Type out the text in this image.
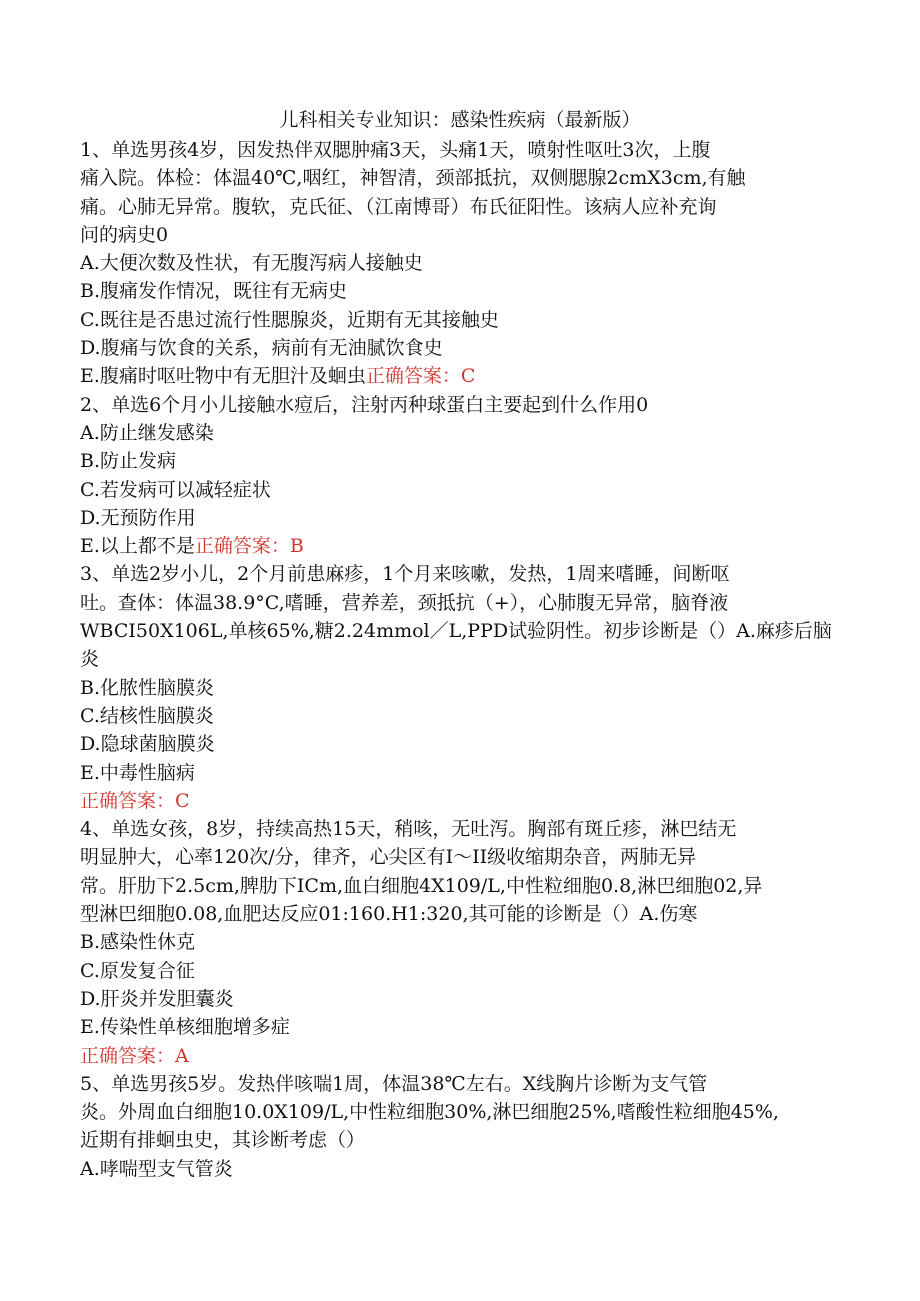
儿科相关专业知识：感染性疾病（最新版）
1、单选男孩4岁，因发热伴双腮肿痛3天，头痛1天，喷射性呕吐3次，上腹
痛入院。体检：体温40℃,咽红，神智清，颈部抵抗，双侧腮腺2cmX3cm,有触
痛。心肺无异常。腹软，克氏征、（江南博哥）布氏征阳性。该病人应补充询
问的病史0
A.大便次数及性状，有无腹泻病人接触史
B.腹痛发作情况，既往有无病史
C.既往是否患过流行性腮腺炎，近期有无其接触史
D.腹痛与饮食的关系，病前有无油腻饮食史
E.腹痛时呕吐物中有无胆汁及蛔虫正确答案：C
2、单选6个月小儿接触水痘后，注射丙种球蛋白主要起到什么作用0
A.防止继发感染
B.防止发病
C.若发病可以减轻症状
D.无预防作用
E.以上都不是正确答案：B
3、单选2岁小儿，2个月前患麻疹，1个月来咳嗽，发热，1周来嗜睡，间断呕
吐。查体：体温38.9°C,嗜睡，营养差，颈抵抗（+），心肺腹无异常，脑脊液
WBCI50X106L,单核65%,糖2.24mmol／L,PPD试验阴性。初步诊断是（）A.麻疹后脑
炎
B.化脓性脑膜炎
C.结核性脑膜炎
D.隐球菌脑膜炎
E.中毒性脑病
正确答案：C
4、单选女孩，8岁，持续高热15天，稍咳，无吐泻。胸部有斑丘疹，淋巴结无
明显肿大，心率120次/分，律齐，心尖区有I～II级收缩期杂音，两肺无异
常。肝肋下2.5cm,脾肋下ICm,血白细胞4X109/L,中性粒细胞0.8,淋巴细胞02,异
型淋巴细胞0.08,血肥达反应01:160.H1:320,其可能的诊断是（）A.伤寒
B.感染性休克
C.原发复合征
D.肝炎并发胆囊炎
E.传染性单核细胞增多症
正确答案：A
5、单选男孩5岁。发热伴咳喘1周，体温38℃左右。X线胸片诊断为支气管
炎。外周血白细胞10.0X109/L,中性粒细胞30%,淋巴细胞25%,嗜酸性粒细胞45%,
近期有排蛔虫史，其诊断考虑（）
A.哮喘型支气管炎
